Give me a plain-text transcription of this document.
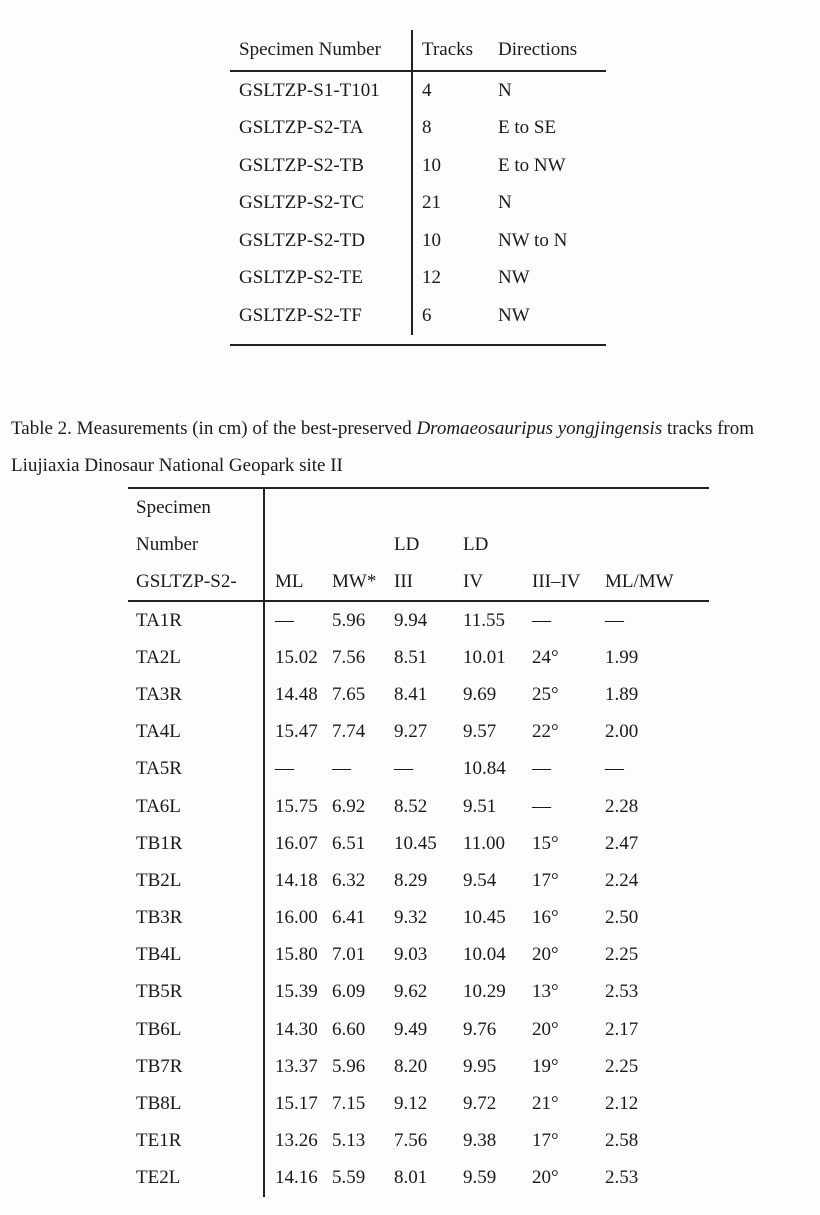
Specimen Number	Tracks	Directions
GSLTZP-S1-T101	4	N
GSLTZP-S2-TA	8	E to SE
GSLTZP-S2-TB	10	E to NW
GSLTZP-S2-TC	21	N
GSLTZP-S2-TD	10	NW to N
GSLTZP-S2-TE	12	NW
GSLTZP-S2-TF	6	NW
Table 2. Measurements (in cm) of the best-preserved Dromaeosauripus yongjingensis tracks from Liujiaxia Dinosaur National Geopark site II
Specimen						
Number			LD	LD		
GSLTZP-S2-	ML	MW*	III	IV	III–IV	ML/MW
TA1R	—	5.96	9.94	11.55	—	—
TA2L	15.02	7.56	8.51	10.01	24°	1.99
TA3R	14.48	7.65	8.41	9.69	25°	1.89
TA4L	15.47	7.74	9.27	9.57	22°	2.00
TA5R	—	—	—	10.84	—	—
TA6L	15.75	6.92	8.52	9.51	—	2.28
TB1R	16.07	6.51	10.45	11.00	15°	2.47
TB2L	14.18	6.32	8.29	9.54	17°	2.24
TB3R	16.00	6.41	9.32	10.45	16°	2.50
TB4L	15.80	7.01	9.03	10.04	20°	2.25
TB5R	15.39	6.09	9.62	10.29	13°	2.53
TB6L	14.30	6.60	9.49	9.76	20°	2.17
TB7R	13.37	5.96	8.20	9.95	19°	2.25
TB8L	15.17	7.15	9.12	9.72	21°	2.12
TE1R	13.26	5.13	7.56	9.38	17°	2.58
TE2L	14.16	5.59	8.01	9.59	20°	2.53
